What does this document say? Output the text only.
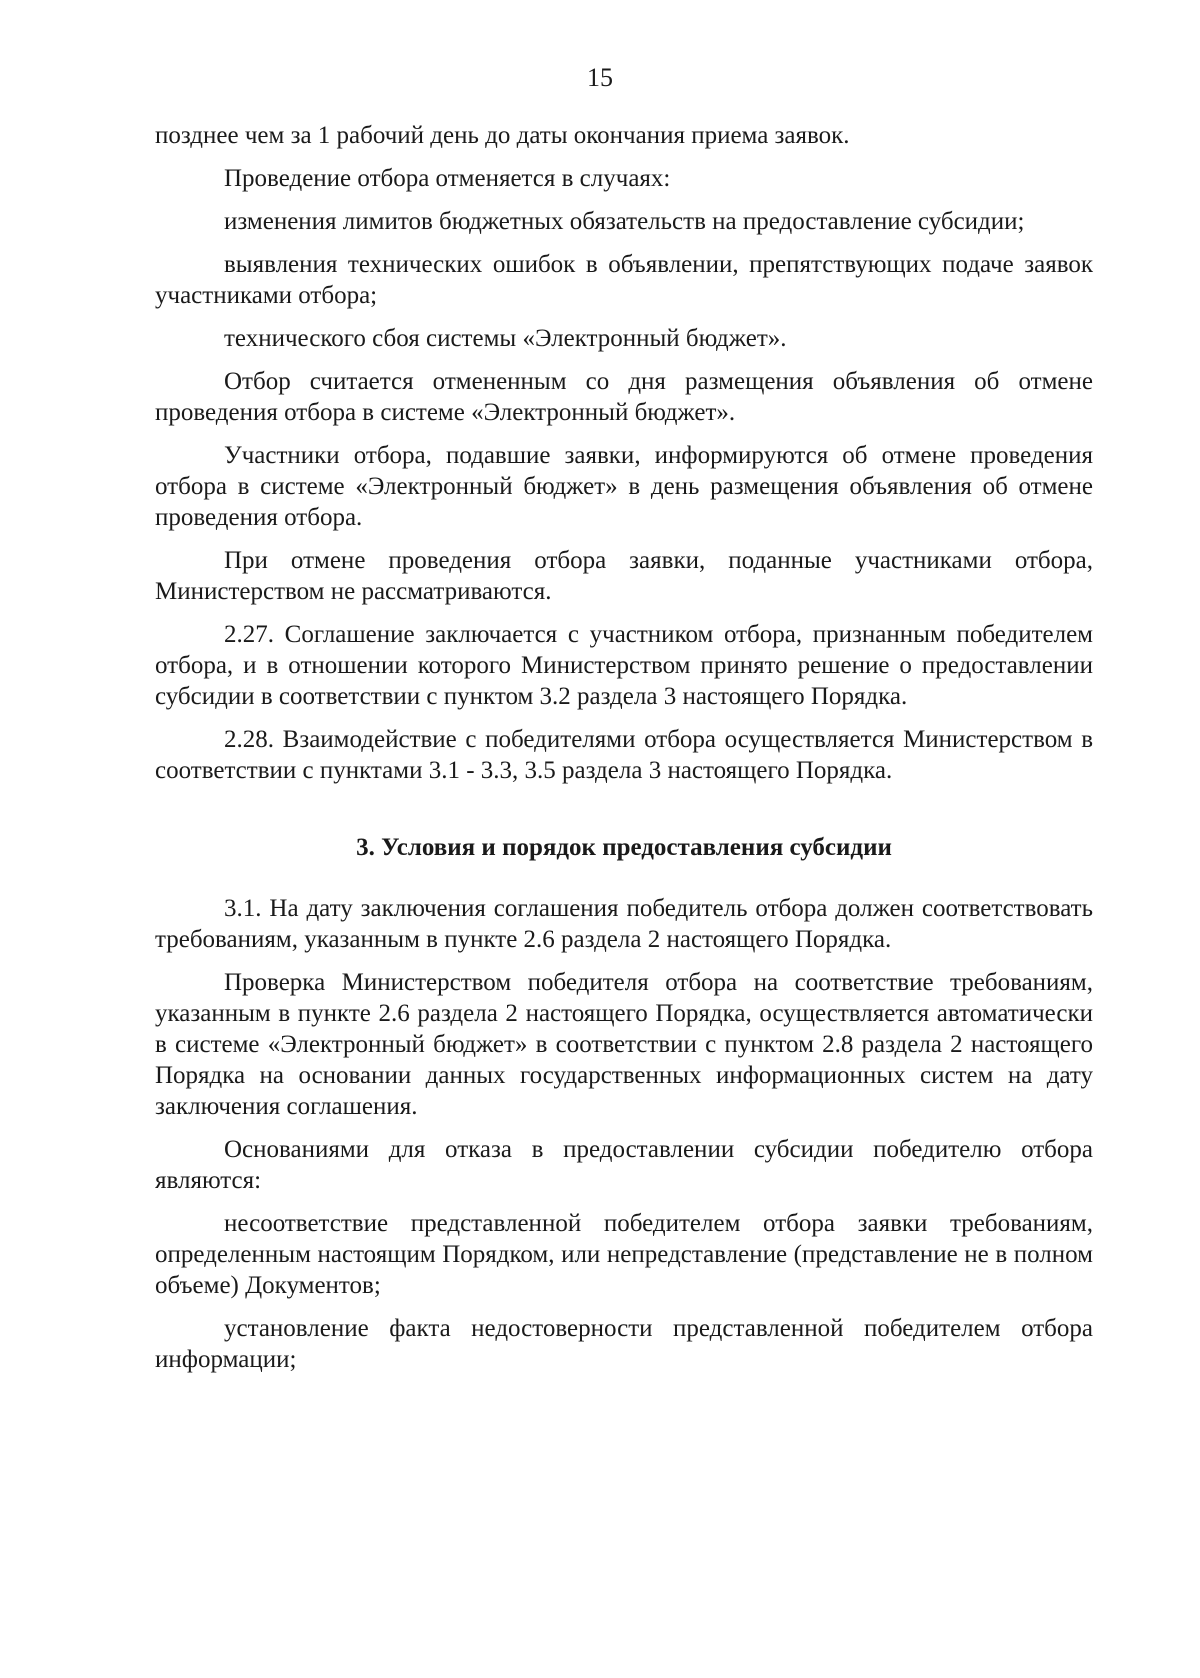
15

позднее чем за 1 рабочий день до даты окончания приема заявок.

Проведение отбора отменяется в случаях:

изменения лимитов бюджетных обязательств на предоставление субсидии;

выявления технических ошибок в объявлении, препятствующих подаче заявок участниками отбора;

технического сбоя системы «Электронный бюджет».

Отбор считается отмененным со дня размещения объявления об отмене проведения отбора в системе «Электронный бюджет».

Участники отбора, подавшие заявки, информируются об отмене проведения отбора в системе «Электронный бюджет» в день размещения объявления об отмене проведения отбора.

При отмене проведения отбора заявки, поданные участниками отбора, Министерством не рассматриваются.

2.27. Соглашение заключается с участником отбора, признанным победителем отбора, и в отношении которого Министерством принято решение о предоставлении субсидии в соответствии с пунктом 3.2 раздела 3 настоящего Порядка.

2.28. Взаимодействие с победителями отбора осуществляется Министерством в соответствии с пунктами 3.1 - 3.3, 3.5 раздела 3 настоящего Порядка.

3. Условия и порядок предоставления субсидии

3.1. На дату заключения соглашения победитель отбора должен соответствовать требованиям, указанным в пункте 2.6 раздела 2 настоящего Порядка.

Проверка Министерством победителя отбора на соответствие требованиям, указанным в пункте 2.6 раздела 2 настоящего Порядка, осуществляется автоматически в системе «Электронный бюджет» в соответствии с пунктом 2.8 раздела 2 настоящего Порядка на основании данных государственных информационных систем на дату заключения соглашения.

Основаниями для отказа в предоставлении субсидии победителю отбора являются:

несоответствие представленной победителем отбора заявки требованиям, определенным настоящим Порядком, или непредставление (представление не в полном объеме) Документов;

установление факта недостоверности представленной победителем отбора информации;
